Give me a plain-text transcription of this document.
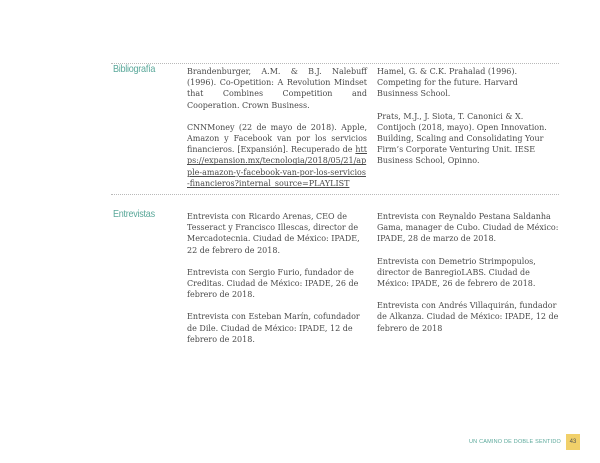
Bibliografía	Brandenburger, A.M. & B.J. Nalebuff (1996). Co-Opetition: A Revolution Mindset that Combines Competition and Cooperation. Crown Business.

CNNMoney (22 de mayo de 2018). Apple, Amazon y Facebook van por los servicios financieros. [Expansión]. Recuperado de https://expansion.mx/tecnologia/2018/05/21/apple-amazon-y-facebook-van-por-los-servicios-financieros?internal_source=PLAYLIST

Hamel, G. & C.K. Prahalad (1996). Competing for the future. Harvard Businness School.

Prats, M.J., J. Siota, T. Canonici & X. Contijoch (2018, mayo). Open Innovation. Building, Scaling and Consolidating Your Firm’s Corporate Venturing Unit. IESE Business School, Opinno.

Entrevistas	Entrevista con Ricardo Arenas, CEO de Tesseract y Francisco Illescas, director de Mercadotecnia. Ciudad de México: IPADE, 22 de febrero de 2018.

Entrevista con Sergio Furio, fundador de Creditas. Ciudad de México: IPADE, 26 de febrero de 2018.

Entrevista con Esteban Marín, cofundador de Dile. Ciudad de México: IPADE, 12 de febrero de 2018.

Entrevista con Reynaldo Pestana Saldanha Gama, manager de Cubo. Ciudad de México: IPADE, 28 de marzo de 2018.

Entrevista con Demetrio Strimpopulos, director de BanregioLABS. Ciudad de México: IPADE, 26 de febrero de 2018.

Entrevista con Andrés Villaquirán, fundador de Alkanza. Ciudad de México: IPADE, 12 de febrero de 2018

UN CAMINO DE DOBLE SENTIDO	43
